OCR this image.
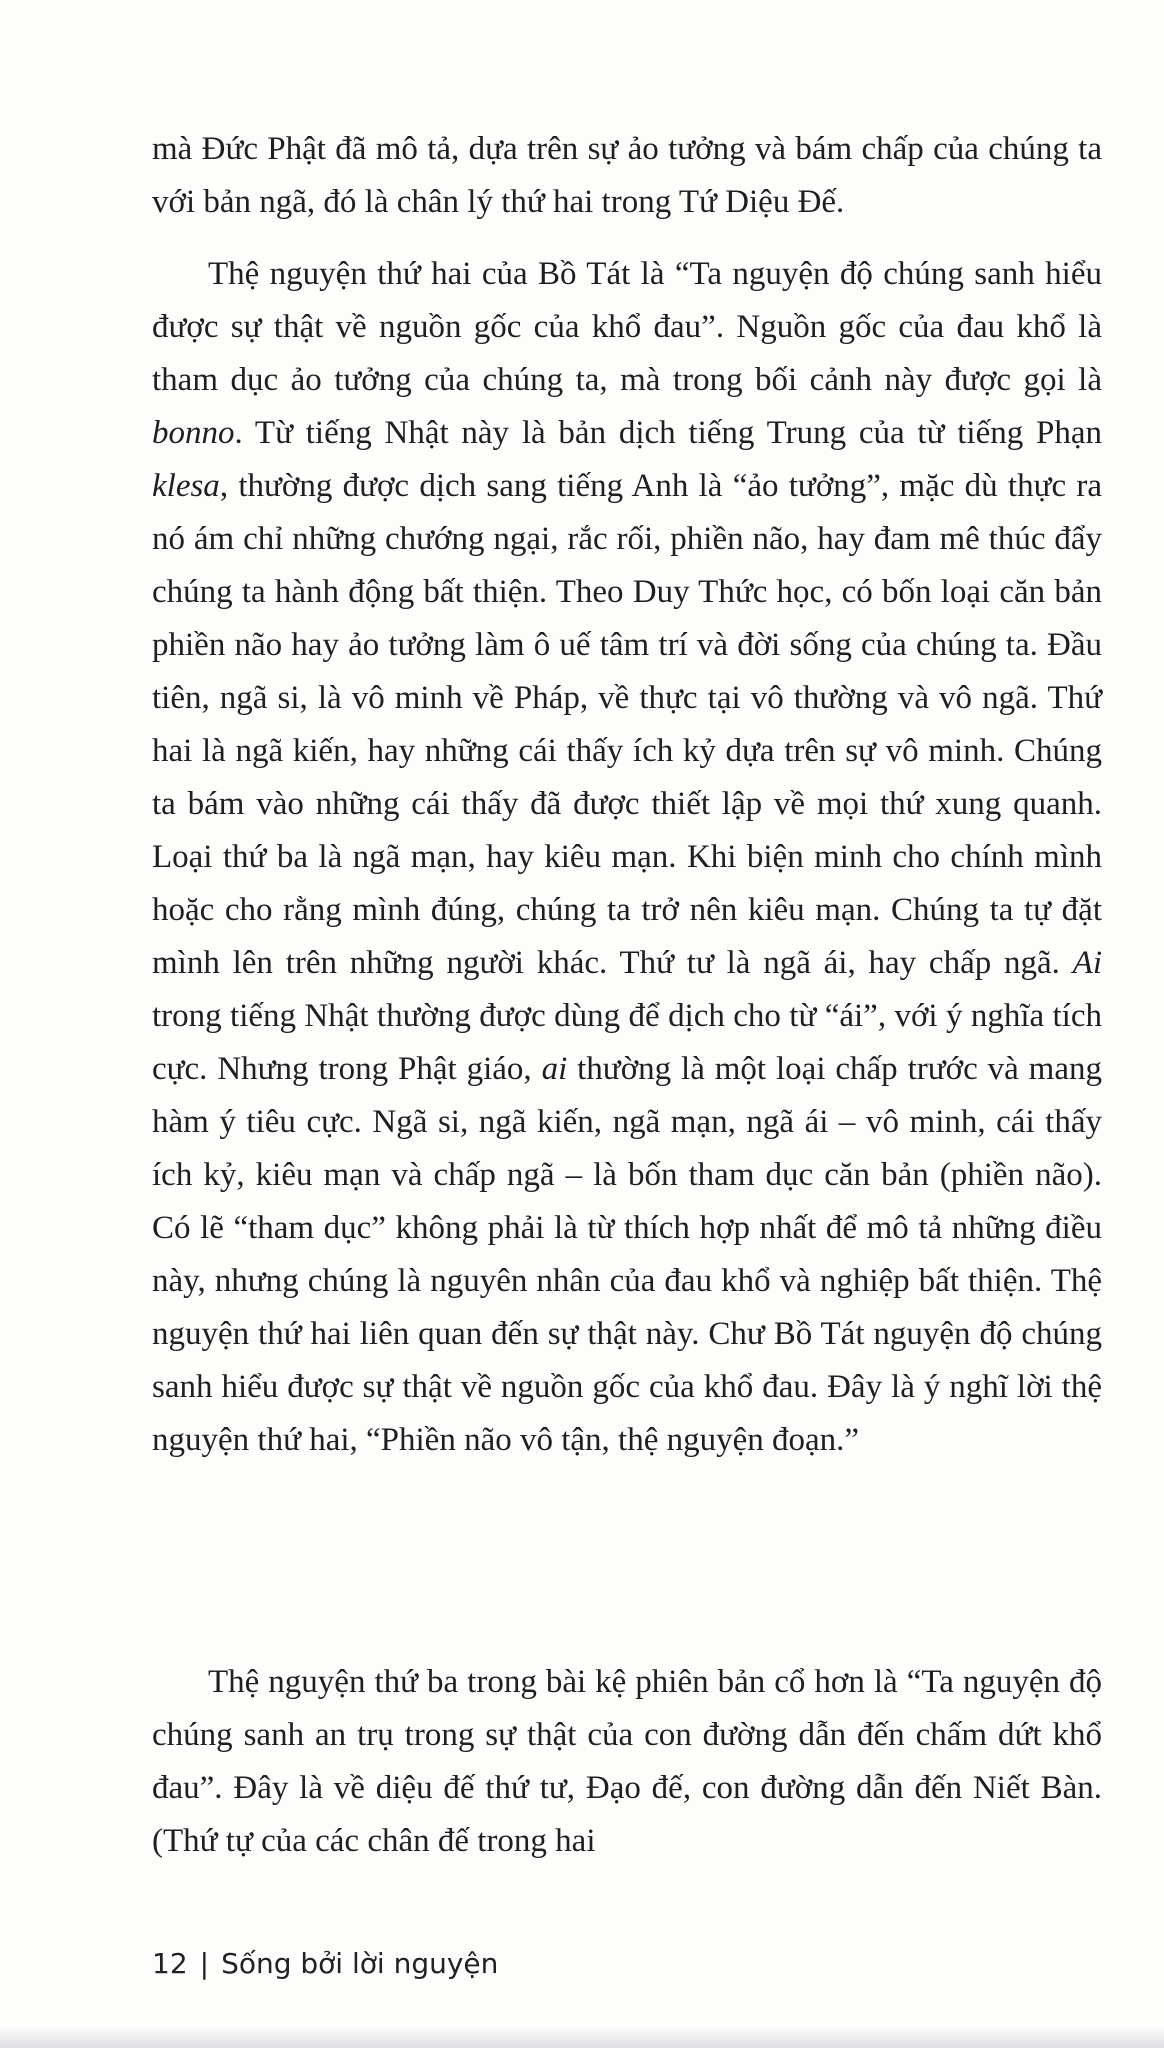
mà Đức Phật đã mô tả, dựa trên sự ảo tưởng và bám chấp của chúng ta với bản ngã, đó là chân lý thứ hai trong Tứ Diệu Đế.

Thệ nguyện thứ hai của Bồ Tát là “Ta nguyện độ chúng sanh hiểu được sự thật về nguồn gốc của khổ đau”. Nguồn gốc của đau khổ là tham dục ảo tưởng của chúng ta, mà trong bối cảnh này được gọi là bonno. Từ tiếng Nhật này là bản dịch tiếng Trung của từ tiếng Phạn klesa, thường được dịch sang tiếng Anh là “ảo tưởng”, mặc dù thực ra nó ám chỉ những chướng ngại, rắc rối, phiền não, hay đam mê thúc đẩy chúng ta hành động bất thiện. Theo Duy Thức học, có bốn loại căn bản phiền não hay ảo tưởng làm ô uế tâm trí và đời sống của chúng ta. Đầu tiên, ngã si, là vô minh về Pháp, về thực tại vô thường và vô ngã. Thứ hai là ngã kiến, hay những cái thấy ích kỷ dựa trên sự vô minh. Chúng ta bám vào những cái thấy đã được thiết lập về mọi thứ xung quanh. Loại thứ ba là ngã mạn, hay kiêu mạn. Khi biện minh cho chính mình hoặc cho rằng mình đúng, chúng ta trở nên kiêu mạn. Chúng ta tự đặt mình lên trên những người khác. Thứ tư là ngã ái, hay chấp ngã. Ai trong tiếng Nhật thường được dùng để dịch cho từ “ái”, với ý nghĩa tích cực. Nhưng trong Phật giáo, ai thường là một loại chấp trước và mang hàm ý tiêu cực. Ngã si, ngã kiến, ngã mạn, ngã ái – vô minh, cái thấy ích kỷ, kiêu mạn và chấp ngã – là bốn tham dục căn bản (phiền não). Có lẽ “tham dục” không phải là từ thích hợp nhất để mô tả những điều này, nhưng chúng là nguyên nhân của đau khổ và nghiệp bất thiện. Thệ nguyện thứ hai liên quan đến sự thật này. Chư Bồ Tát nguyện độ chúng sanh hiểu được sự thật về nguồn gốc của khổ đau. Đây là ý nghĩ lời thệ nguyện thứ hai, “Phiền não vô tận, thệ nguyện đoạn.”

Thệ nguyện thứ ba trong bài kệ phiên bản cổ hơn là “Ta nguyện độ chúng sanh an trụ trong sự thật của con đường dẫn đến chấm dứt khổ đau”. Đây là về diệu đế thứ tư, Đạo đế, con đường dẫn đến Niết Bàn. (Thứ tự của các chân đế trong hai

12 | Sống bởi lời nguyện
